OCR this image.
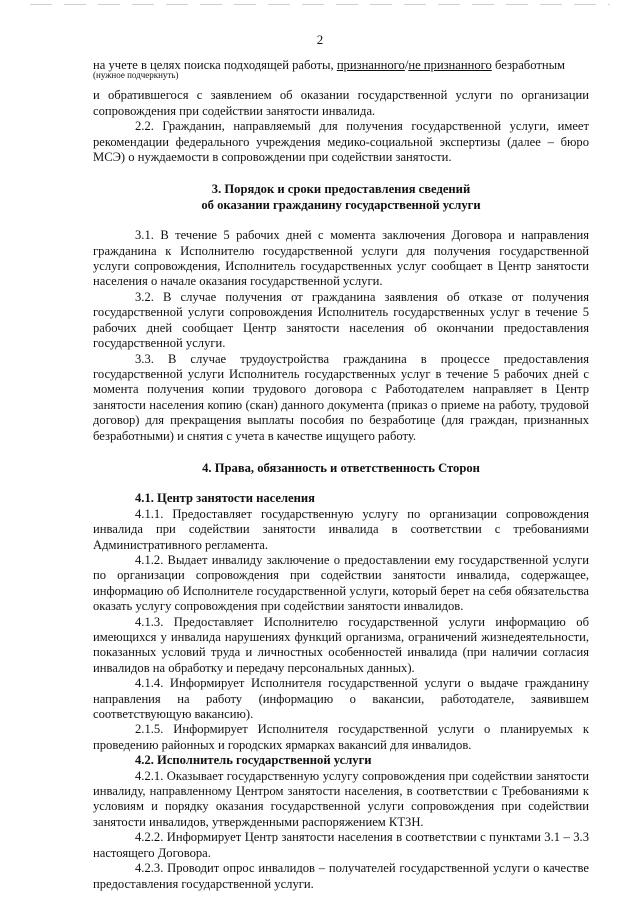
2

на учете в целях поиска подходящей работы, признанного/не признанного безработным

(нужное подчеркнуть)

и обратившегося с заявлением об оказании государственной услуги по организации сопровождения при содействии занятости инвалида.

2.2. Гражданин, направляемый для получения государственной услуги, имеет рекомендации федерального учреждения медико-социальной экспертизы (далее – бюро МСЭ) о нуждаемости в сопровождении при содействии занятости.

3. Порядок и сроки предоставления сведений

об оказании гражданину государственной услуги

3.1. В течение 5 рабочих дней с момента заключения Договора и направления гражданина к Исполнителю государственной услуги для получения государственной услуги сопровождения, Исполнитель государственных услуг сообщает в Центр занятости населения о начале оказания государственной услуги.

3.2. В случае получения от гражданина заявления об отказе от получения государственной услуги сопровождения Исполнитель государственных услуг в течение 5 рабочих дней сообщает Центр занятости населения об окончании предоставления государственной услуги.

3.3. В случае трудоустройства гражданина в процессе предоставления государственной услуги Исполнитель государственных услуг в течение 5 рабочих дней с момента получения копии трудового договора с Работодателем направляет в Центр занятости населения копию (скан) данного документа (приказ о приеме на работу, трудовой договор) для прекращения выплаты пособия по безработице (для граждан, признанных безработными) и снятия с учета в качестве ищущего работу.

4. Права, обязанность и ответственность Сторон

4.1. Центр занятости населения

4.1.1. Предоставляет государственную услугу по организации сопровождения инвалида при содействии занятости инвалида в соответствии с требованиями Административного регламента.

4.1.2. Выдает инвалиду заключение о предоставлении ему государственной услуги по организации сопровождения при содействии занятости инвалида, содержащее, информацию об Исполнителе государственной услуги, который берет на себя обязательства оказать услугу сопровождения при содействии занятости инвалидов.

4.1.3. Предоставляет Исполнителю государственной услуги информацию об имеющихся у инвалида нарушениях функций организма, ограничений жизнедеятельности, показанных условий труда и личностных особенностей инвалида (при наличии согласия инвалидов на обработку и передачу персональных данных).

4.1.4. Информирует Исполнителя государственной услуги о выдаче гражданину направления на работу (информацию о вакансии, работодателе, заявившем соответствующую вакансию).

2.1.5. Информирует Исполнителя государственной услуги о планируемых к проведению районных и городских ярмарках вакансий для инвалидов.

4.2. Исполнитель государственной услуги

4.2.1. Оказывает государственную услугу сопровождения при содействии занятости инвалиду, направленному Центром занятости населения, в соответствии с Требованиями к условиям и порядку оказания государственной услуги сопровождения при содействии занятости инвалидов, утвержденными распоряжением КТЗН.

4.2.2. Информирует Центр занятости населения в соответствии с пунктами 3.1 – 3.3 настоящего Договора.

4.2.3. Проводит опрос инвалидов – получателей государственной услуги о качестве предоставления государственной услуги.
